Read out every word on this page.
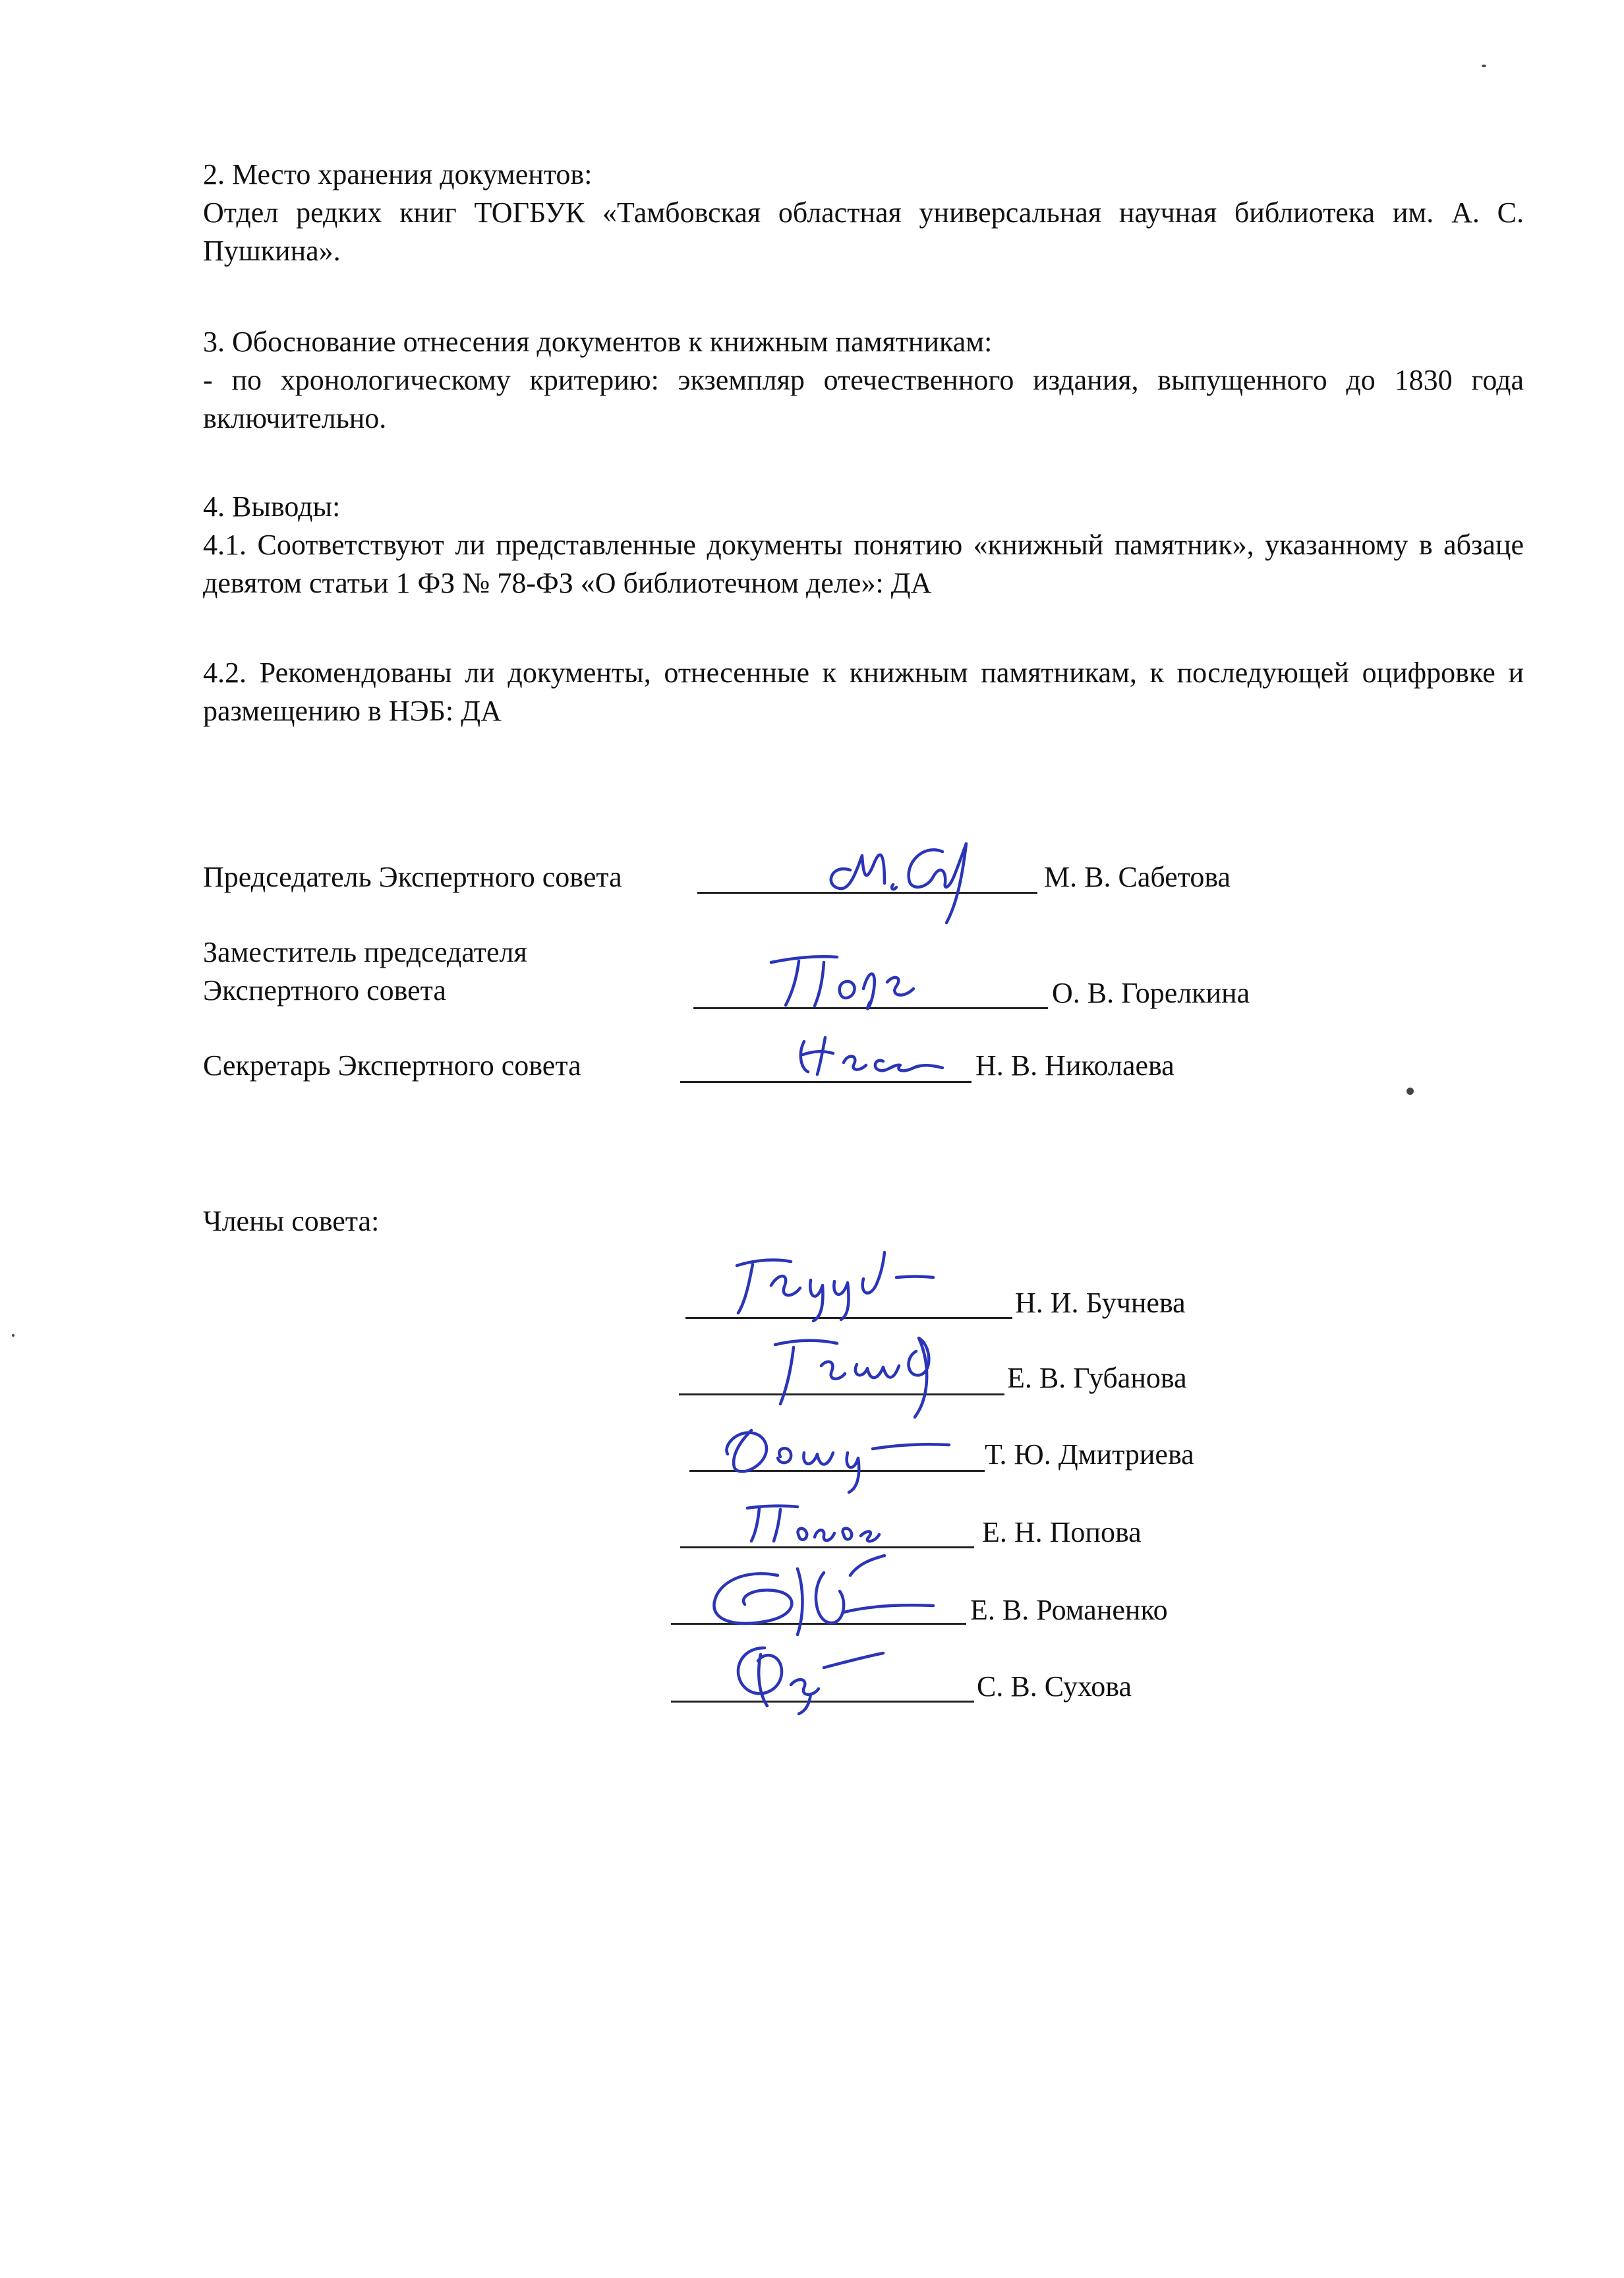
2. Место хранения документов:

Отдел редких книг ТОГБУК «Тамбовская областная универсальная научная библиотека им. А. С. Пушкина».

3. Обоснование отнесения документов к книжным памятникам:

- по хронологическому критерию: экземпляр отечественного издания, выпущенного до 1830 года включительно.

4. Выводы:

4.1. Соответствуют ли представленные документы понятию «книжный памятник», указанному в абзаце девятом статьи 1 ФЗ № 78-ФЗ «О библиотечном деле»: ДА

4.2. Рекомендованы ли документы, отнесенные к книжным памятникам, к последующей оцифровке и размещению в НЭБ: ДА

Председатель Экспертного совета	М. В. Сабетова
Заместитель председателя
Экспертного совета	О. В. Горелкина
Секретарь Экспертного совета	Н. В. Николаева
Члены совета:
Н. И. Бучнева
Е. В. Губанова
Т. Ю. Дмитриева
Е. Н. Попова
Е. В. Романенко
С. В. Сухова
